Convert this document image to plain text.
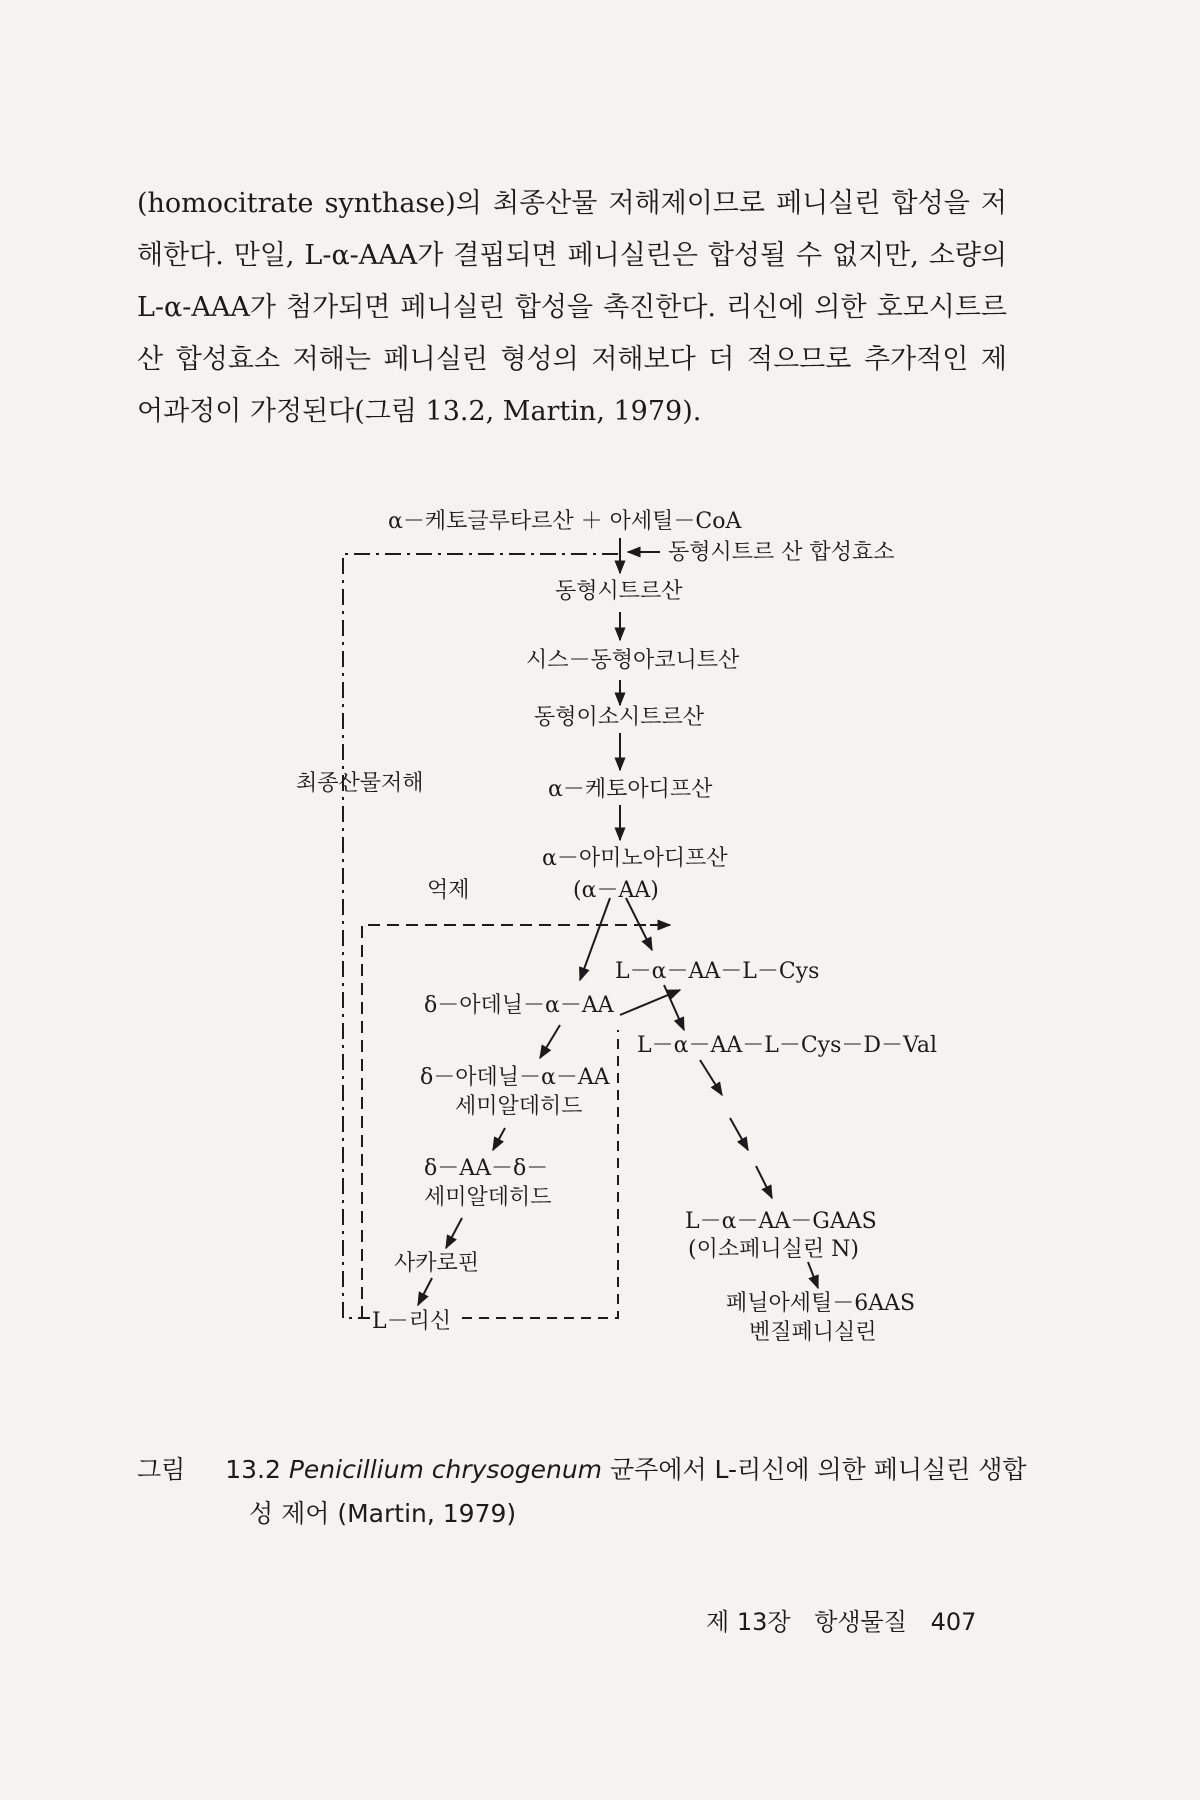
(homocitrate synthase)의 최종산물 저해제이므로 페니실린 합성을 저
해한다. 만일, L-α-AAA가 결핍되면 페니실린은 합성될 수 없지만, 소량의
L-α-AAA가 첨가되면 페니실린 합성을 촉진한다. 리신에 의한 호모시트르
산 합성효소 저해는 페니실린 형성의 저해보다 더 적으므로 추가적인 제
어과정이 가정된다(그림 13.2, Martin, 1979).

α－케토글루타르산 ＋ 아세틸－CoA
동형시트르 산 합성효소
동형시트르산
시스－동형아코니트산
동형이소시트르산
α－케토아디프산
α－아미노아디프산
(α－AA)
최종산물저해
억제
L－α－AA－L－Cys
δ－아데닐－α－AA
L－α－AA－L－Cys－D－Val
δ－아데닐－α－AA
세미알데히드
δ－AA－δ－
세미알데히드
L－α－AA－GAAS
(이소페니실린 N)
사카로핀
L－리신
페닐아세틸－6AAS
벤질페니실린
그림 13.2 Penicillium chrysogenum 균주에서 L-리신에 의한 페니실린 생합
성 제어 (Martin, 1979)
제 13장 항생물질 407
